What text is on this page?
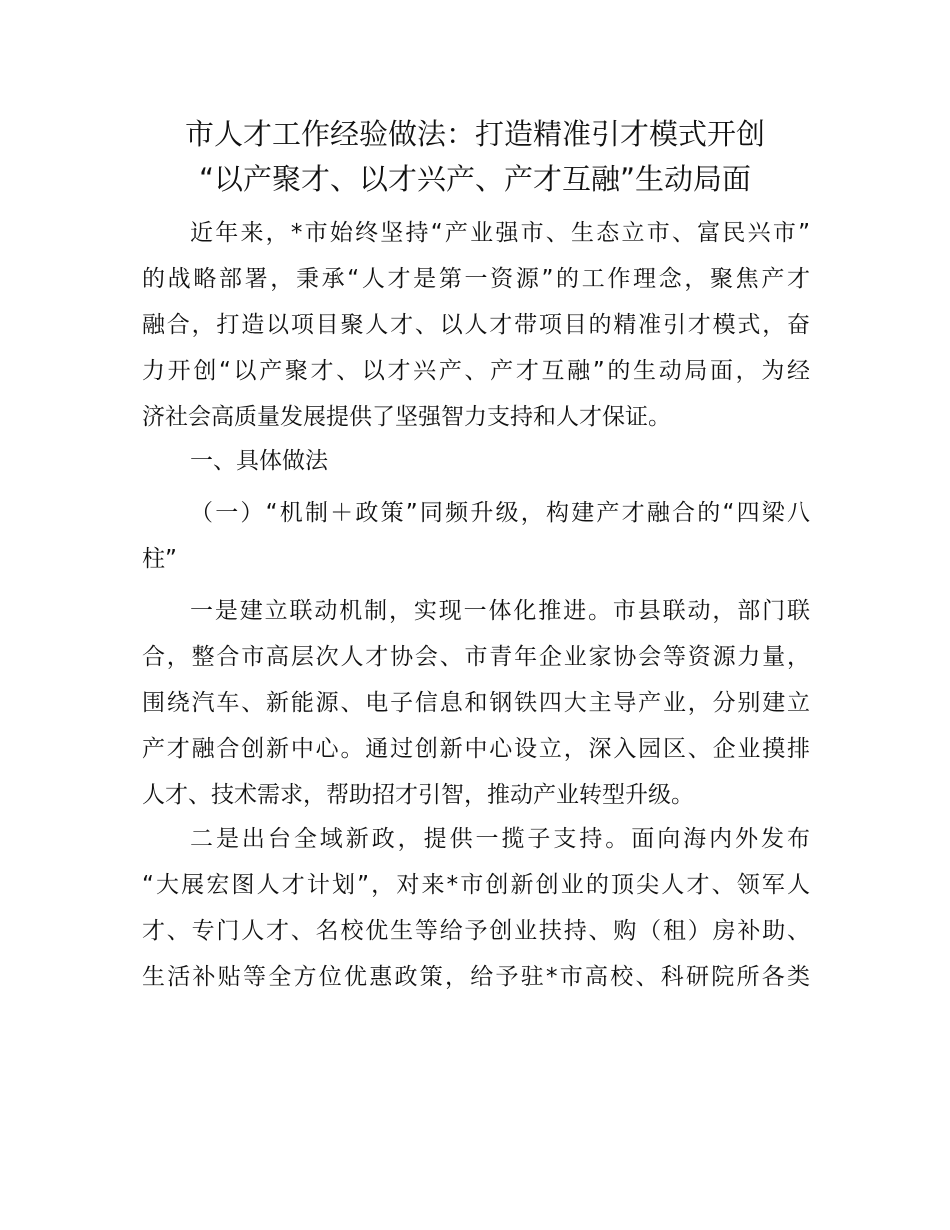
市人才工作经验做法：打造精准引才模式开创
“以产聚才、以才兴产、产才互融”生动局面
近年来，*市始终坚持“产业强市、生态立市、富民兴市”
的战略部署，秉承“人才是第一资源”的工作理念，聚焦产才
融合，打造以项目聚人才、以人才带项目的精准引才模式，奋
力开创“以产聚才、以才兴产、产才互融”的生动局面，为经
济社会高质量发展提供了坚强智力支持和人才保证。
一、具体做法
（一）“机制＋政策”同频升级，构建产才融合的“四梁八
柱”
一是建立联动机制，实现一体化推进。市县联动，部门联
合，整合市高层次人才协会、市青年企业家协会等资源力量，
围绕汽车、新能源、电子信息和钢铁四大主导产业，分别建立
产才融合创新中心。通过创新中心设立，深入园区、企业摸排
人才、技术需求，帮助招才引智，推动产业转型升级。
二是出台全域新政，提供一揽子支持。面向海内外发布
“大展宏图人才计划”，对来*市创新创业的顶尖人才、领军人
才、专门人才、名校优生等给予创业扶持、购（租）房补助、
生活补贴等全方位优惠政策，给予驻*市高校、科研院所各类
